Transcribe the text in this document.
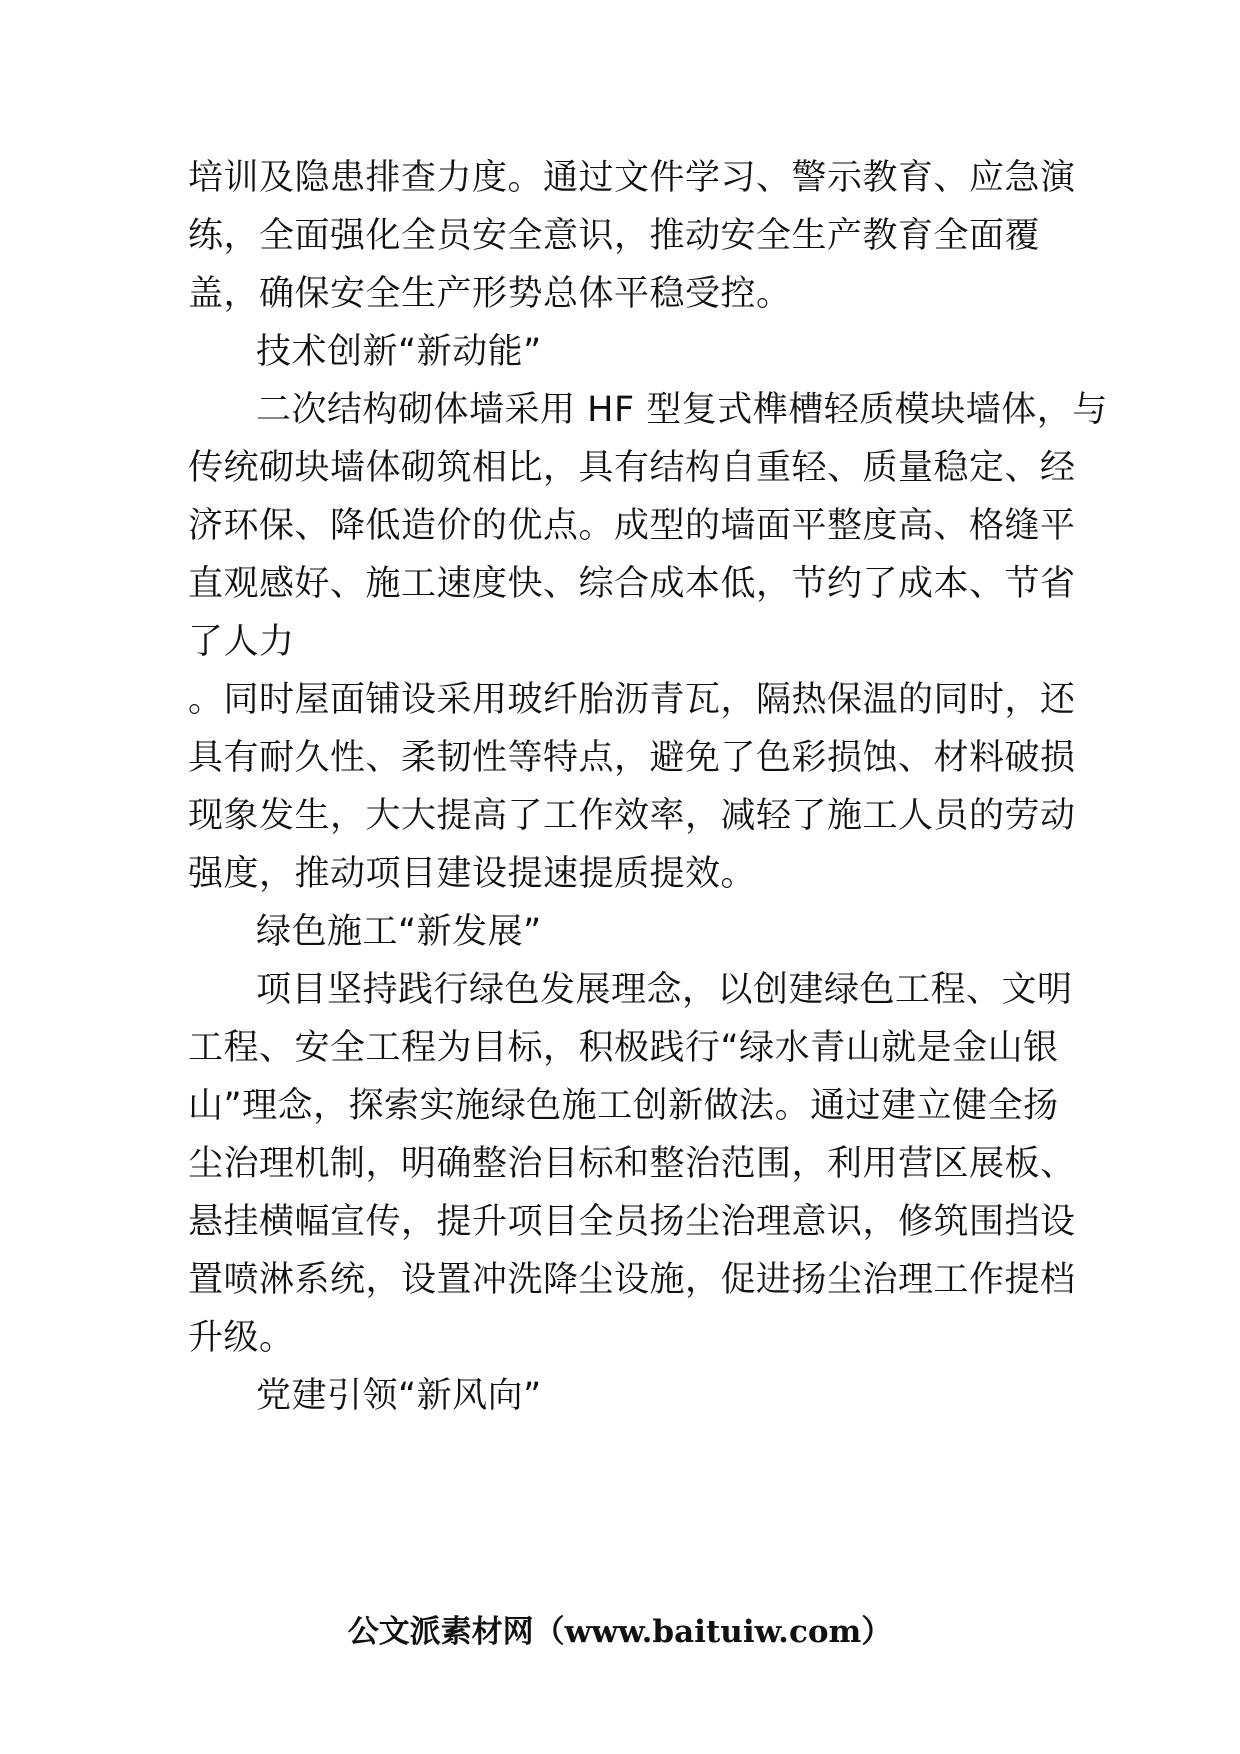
培训及隐患排查力度。通过文件学习、警示教育、应急演
练，全面强化全员安全意识，推动安全生产教育全面覆
盖，确保安全生产形势总体平稳受控。
技术创新“新动能”
二次结构砌体墙采用 HF 型复式榫槽轻质模块墙体，与
传统砌块墙体砌筑相比，具有结构自重轻、质量稳定、经
济环保、降低造价的优点。成型的墙面平整度高、格缝平
直观感好、施工速度快、综合成本低，节约了成本、节省
了人力
。同时屋面铺设采用玻纤胎沥青瓦，隔热保温的同时，还
具有耐久性、柔韧性等特点，避免了色彩损蚀、材料破损
现象发生，大大提高了工作效率，减轻了施工人员的劳动
强度，推动项目建设提速提质提效。
绿色施工“新发展”
项目坚持践行绿色发展理念，以创建绿色工程、文明
工程、安全工程为目标，积极践行“绿水青山就是金山银
山”理念，探索实施绿色施工创新做法。通过建立健全扬
尘治理机制，明确整治目标和整治范围，利用营区展板、
悬挂横幅宣传，提升项目全员扬尘治理意识，修筑围挡设
置喷淋系统，设置冲洗降尘设施，促进扬尘治理工作提档
升级。
党建引领“新风向”
公文派素材网（www.baituiw.com）
